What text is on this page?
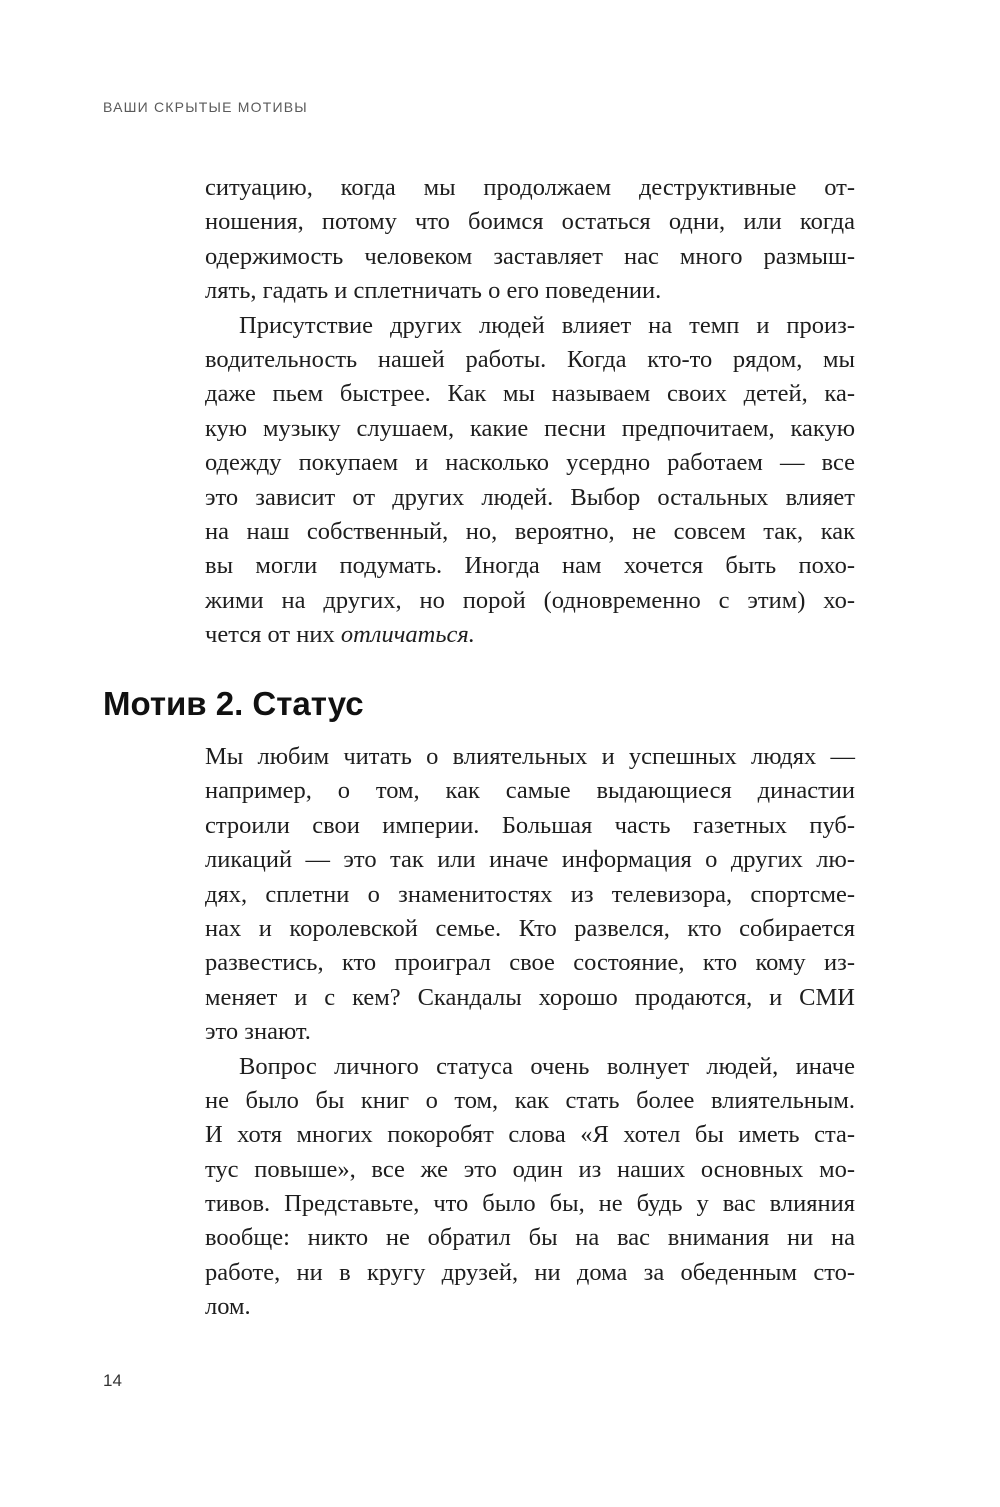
ВАШИ СКРЫТЫЕ МОТИВЫ
ситуацию, когда мы продолжаем деструктивные от-
ношения, потому что боимся остаться одни, или когда
одержимость человеком заставляет нас много размыш-
лять, гадать и сплетничать о его поведении.
Присутствие других людей влияет на темп и произ-
водительность нашей работы. Когда кто-то рядом, мы
даже пьем быстрее. Как мы называем своих детей, ка-
кую музыку слушаем, какие песни предпочитаем, какую
одежду покупаем и насколько усердно работаем — все
это зависит от других людей. Выбор остальных влияет
на наш собственный, но, вероятно, не совсем так, как
вы могли подумать. Иногда нам хочется быть похо-
жими на других, но порой (одновременно с этим) хо-
чется от них отличаться.
Мотив 2. Статус
Мы любим читать о влиятельных и успешных людях —
например, о том, как самые выдающиеся династии
строили свои империи. Большая часть газетных пуб-
ликаций — это так или иначе информация о других лю-
дях, сплетни о знаменитостях из телевизора, спортсме-
нах и королевской семье. Кто развелся, кто собирается
развестись, кто проиграл свое состояние, кто кому из-
меняет и с кем? Скандалы хорошо продаются, и СМИ
это знают.
Вопрос личного статуса очень волнует людей, иначе
не было бы книг о том, как стать более влиятельным.
И хотя многих покоробят слова «Я хотел бы иметь ста-
тус повыше», все же это один из наших основных мо-
тивов. Представьте, что было бы, не будь у вас влияния
вообще: никто не обратил бы на вас внимания ни на
работе, ни в кругу друзей, ни дома за обеденным сто-
лом.
14
